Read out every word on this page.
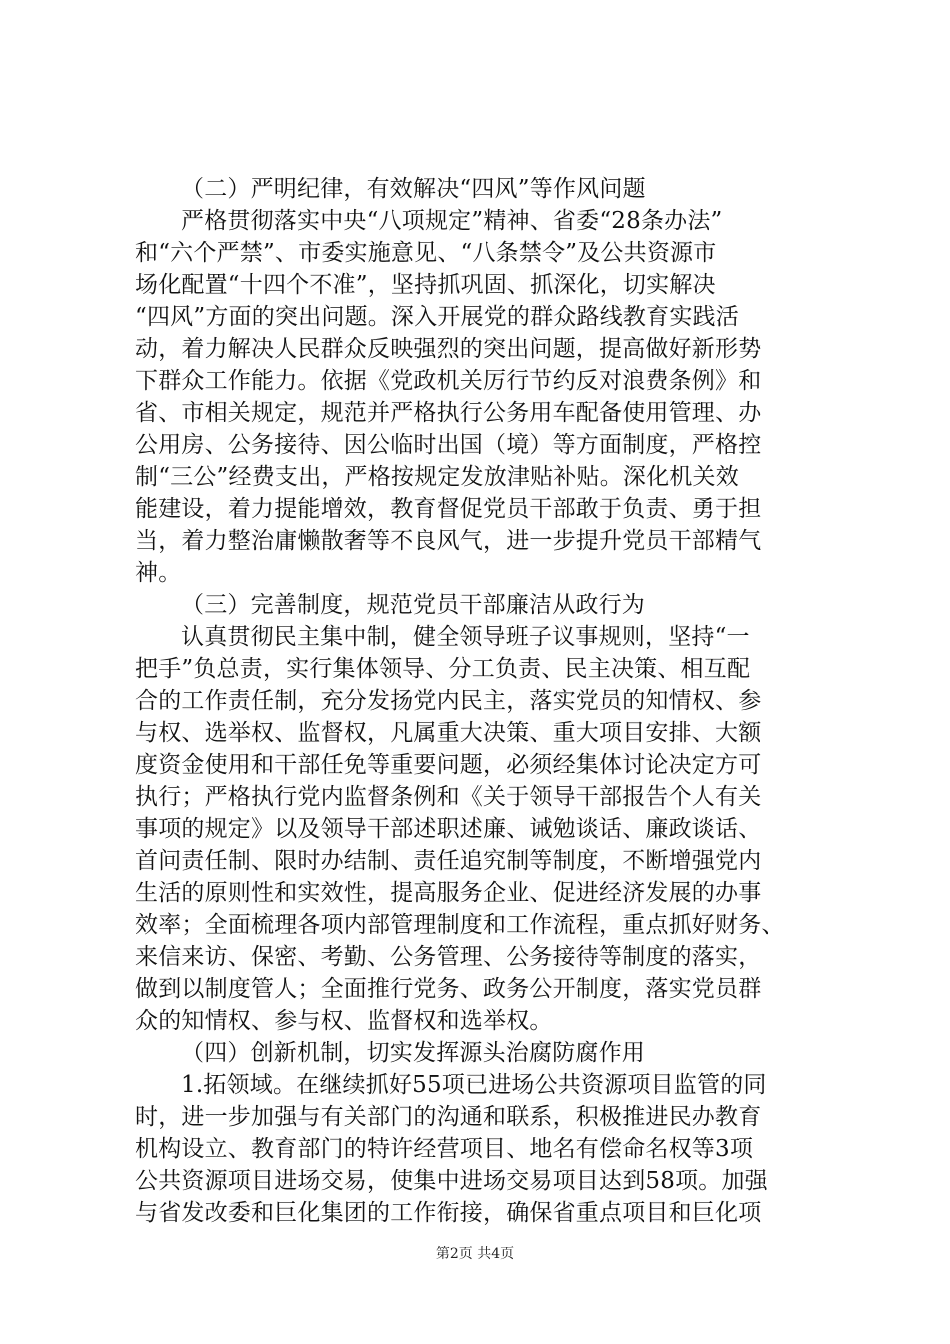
（二）严明纪律，有效解决“四风”等作风问题
严格贯彻落实中央“八项规定”精神、省委“28条办法”
和“六个严禁”、市委实施意见、“八条禁令”及公共资源市
场化配置“十四个不准”，坚持抓巩固、抓深化，切实解决
“四风”方面的突出问题。深入开展党的群众路线教育实践活
动，着力解决人民群众反映强烈的突出问题，提高做好新形势
下群众工作能力。依据《党政机关厉行节约反对浪费条例》和
省、市相关规定，规范并严格执行公务用车配备使用管理、办
公用房、公务接待、因公临时出国（境）等方面制度，严格控
制“三公”经费支出，严格按规定发放津贴补贴。深化机关效
能建设，着力提能增效，教育督促党员干部敢于负责、勇于担
当，着力整治庸懒散奢等不良风气，进一步提升党员干部精气
神。
（三）完善制度，规范党员干部廉洁从政行为
认真贯彻民主集中制，健全领导班子议事规则，坚持“一
把手”负总责，实行集体领导、分工负责、民主决策、相互配
合的工作责任制，充分发扬党内民主，落实党员的知情权、参
与权、选举权、监督权，凡属重大决策、重大项目安排、大额
度资金使用和干部任免等重要问题，必须经集体讨论决定方可
执行；严格执行党内监督条例和《关于领导干部报告个人有关
事项的规定》以及领导干部述职述廉、诫勉谈话、廉政谈话、
首问责任制、限时办结制、责任追究制等制度，不断增强党内
生活的原则性和实效性，提高服务企业、促进经济发展的办事
效率；全面梳理各项内部管理制度和工作流程，重点抓好财务、
来信来访、保密、考勤、公务管理、公务接待等制度的落实，
做到以制度管人；全面推行党务、政务公开制度，落实党员群
众的知情权、参与权、监督权和选举权。
（四）创新机制，切实发挥源头治腐防腐作用
1.拓领域。在继续抓好55项已进场公共资源项目监管的同
时，进一步加强与有关部门的沟通和联系，积极推进民办教育
机构设立、教育部门的特许经营项目、地名有偿命名权等3项
公共资源项目进场交易，使集中进场交易项目达到58项。加强
与省发改委和巨化集团的工作衔接，确保省重点项目和巨化项
第2页 共4页
